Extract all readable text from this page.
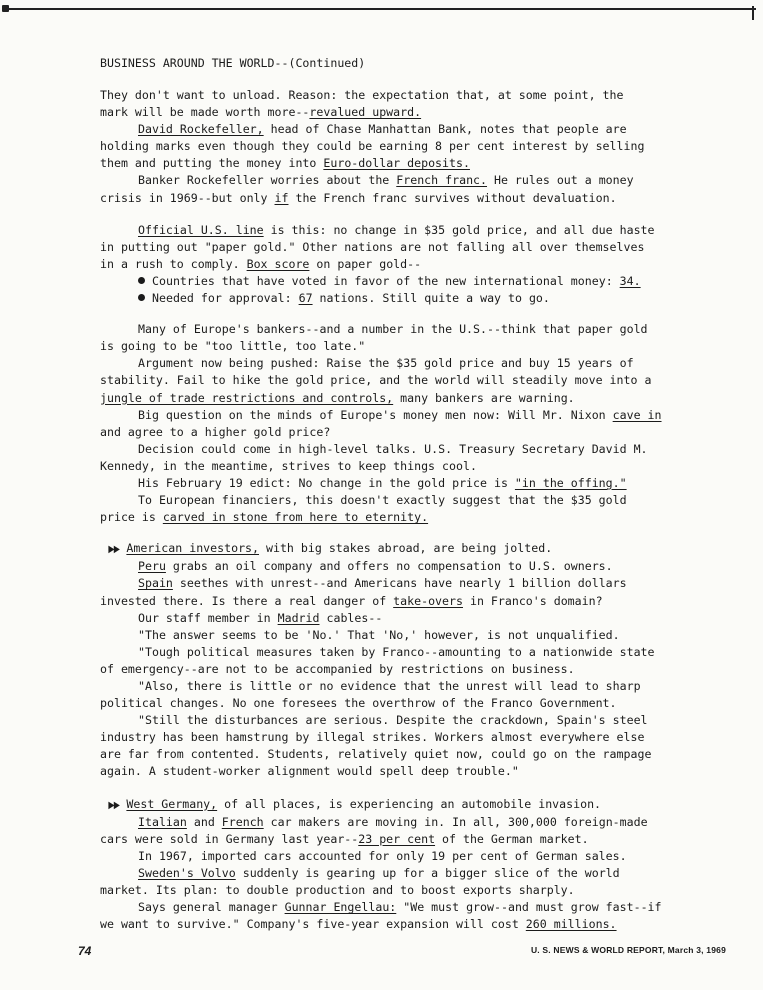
BUSINESS AROUND THE WORLD--(Continued)
They don't want to unload. Reason: the expectation that, at some point, the
mark will be made worth more--revalued upward.
David Rockefeller, head of Chase Manhattan Bank, notes that people are
holding marks even though they could be earning 8 per cent interest by selling
them and putting the money into Euro-dollar deposits.
Banker Rockefeller worries about the French franc. He rules out a money
crisis in 1969--but only if the French franc survives without devaluation.
Official U.S. line is this: no change in $35 gold price, and all due haste
in putting out "paper gold." Other nations are not falling all over themselves
in a rush to comply. Box score on paper gold--
Countries that have voted in favor of the new international money: 34.
Needed for approval: 67 nations. Still quite a way to go.
Many of Europe's bankers--and a number in the U.S.--think that paper gold
is going to be "too little, too late."
Argument now being pushed: Raise the $35 gold price and buy 15 years of
stability. Fail to hike the gold price, and the world will steadily move into a
jungle of trade restrictions and controls, many bankers are warning.
Big question on the minds of Europe's money men now: Will Mr. Nixon cave in
and agree to a higher gold price?
Decision could come in high-level talks. U.S. Treasury Secretary David M.
Kennedy, in the meantime, strives to keep things cool.
His February 19 edict: No change in the gold price is "in the offing."
To European financiers, this doesn't exactly suggest that the $35 gold
price is carved in stone from here to eternity.
▶▶ American investors, with big stakes abroad, are being jolted.
Peru grabs an oil company and offers no compensation to U.S. owners.
Spain seethes with unrest--and Americans have nearly 1 billion dollars
invested there. Is there a real danger of take-overs in Franco's domain?
Our staff member in Madrid cables--
"The answer seems to be 'No.' That 'No,' however, is not unqualified.
"Tough political measures taken by Franco--amounting to a nationwide state
of emergency--are not to be accompanied by restrictions on business.
"Also, there is little or no evidence that the unrest will lead to sharp
political changes. No one foresees the overthrow of the Franco Government.
"Still the disturbances are serious. Despite the crackdown, Spain's steel
industry has been hamstrung by illegal strikes. Workers almost everywhere else
are far from contented. Students, relatively quiet now, could go on the rampage
again. A student-worker alignment would spell deep trouble."
▶▶ West Germany, of all places, is experiencing an automobile invasion.
Italian and French car makers are moving in. In all, 300,000 foreign-made
cars were sold in Germany last year--23 per cent of the German market.
In 1967, imported cars accounted for only 19 per cent of German sales.
Sweden's Volvo suddenly is gearing up for a bigger slice of the world
market. Its plan: to double production and to boost exports sharply.
Says general manager Gunnar Engellau: "We must grow--and must grow fast--if
we want to survive." Company's five-year expansion will cost 260 millions.
74	U. S. NEWS & WORLD REPORT, March 3, 1969
